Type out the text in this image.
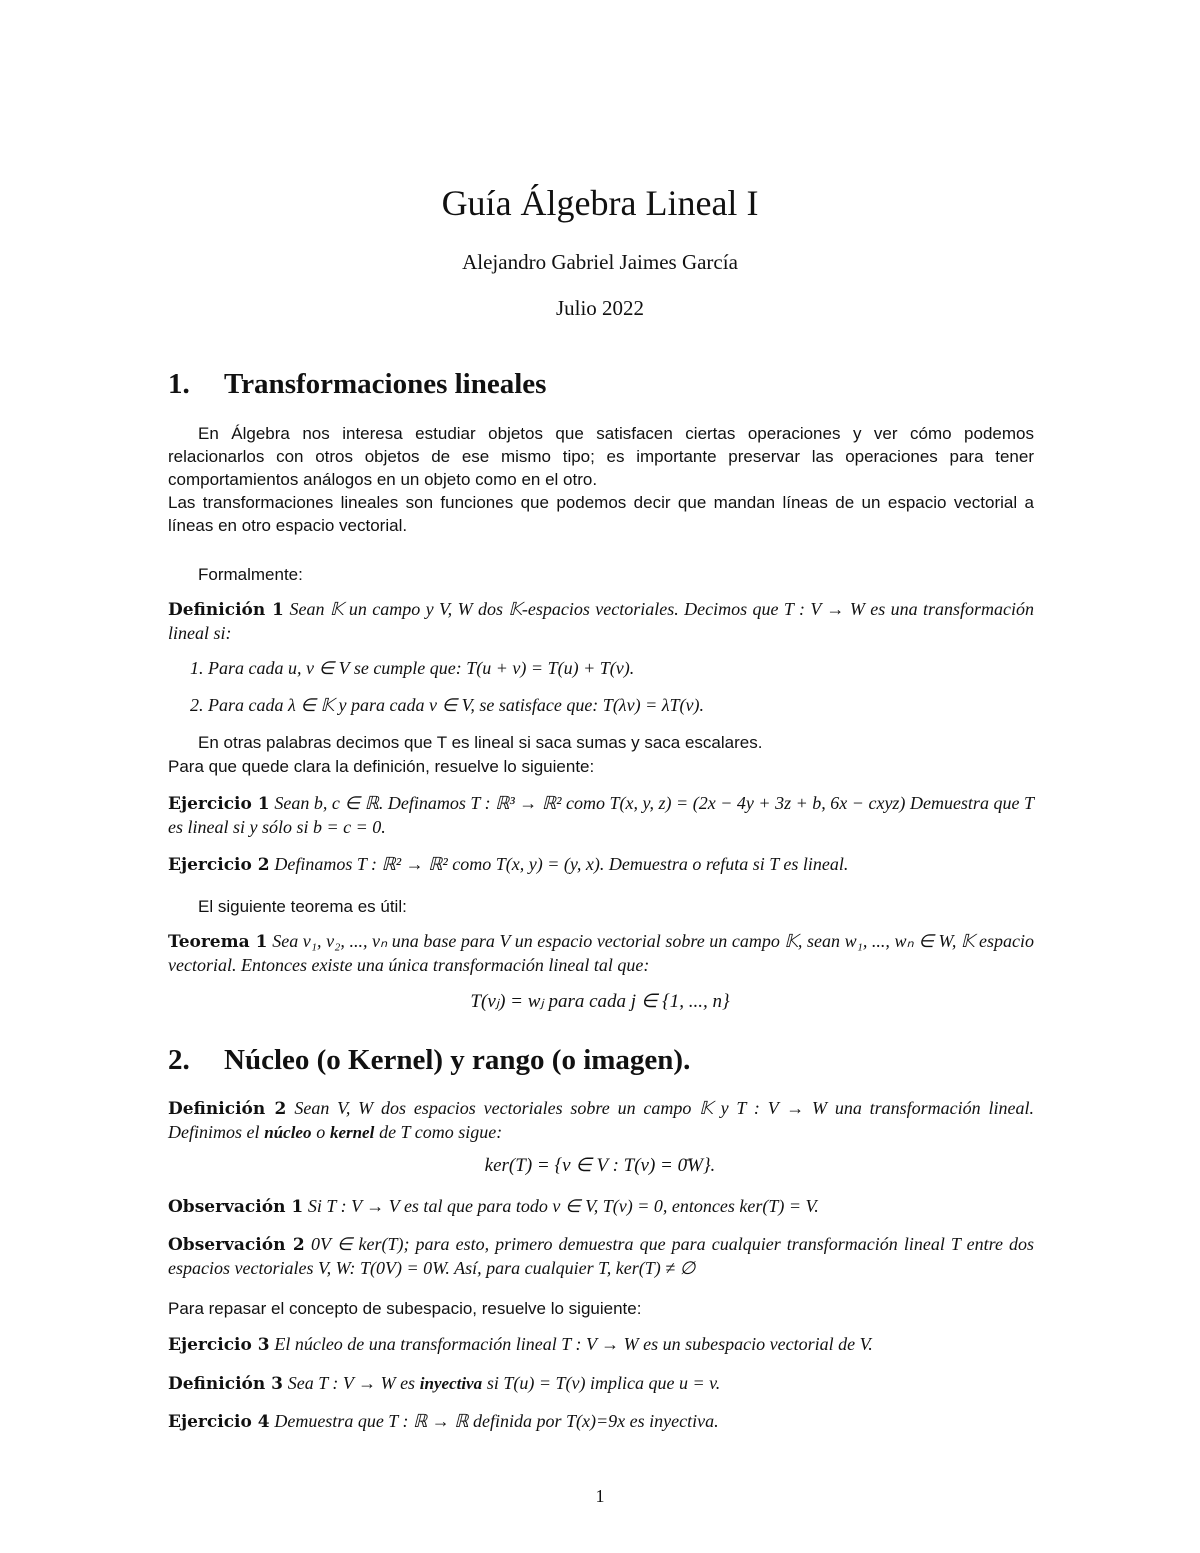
Guía Álgebra Lineal I
Alejandro Gabriel Jaimes García
Julio 2022
1. Transformaciones lineales

En Álgebra nos interesa estudiar objetos que satisfacen ciertas operaciones y ver cómo podemos relacionarlos con otros objetos de ese mismo tipo; es importante preservar las operaciones para tener comportamientos análogos en un objeto como en el otro.

Las transformaciones lineales son funciones que podemos decir que mandan líneas de un espacio vectorial a líneas en otro espacio vectorial.

Formalmente:

Definición 1 Sean 𝕂 un campo y V, W dos 𝕂-espacios vectoriales. Decimos que T : V → W es una transformación lineal si:

1. Para cada u, v ∈ V se cumple que: T(u + v) = T(u) + T(v).
2. Para cada λ ∈ 𝕂 y para cada v ∈ V, se satisface que: T(λv) = λT(v).

En otras palabras decimos que T es lineal si saca sumas y saca escalares.

Para que quede clara la definición, resuelve lo siguiente:

Ejercicio 1 Sean b, c ∈ ℝ. Definamos T : ℝ³ → ℝ² como T(x, y, z) = (2x − 4y + 3z + b, 6x − cxyz) Demuestra que T es lineal si y sólo si b = c = 0.

Ejercicio 2 Definamos T : ℝ² → ℝ² como T(x, y) = (y, x). Demuestra o refuta si T es lineal.

El siguiente teorema es útil:

Teorema 1 Sea v₁, v₂, ..., vₙ una base para V un espacio vectorial sobre un campo 𝕂, sean w₁, ..., wₙ ∈ W, 𝕂 espacio vectorial. Entonces existe una única transformación lineal tal que:

T(vⱼ) = wⱼ para cada j ∈ {1, ..., n}
2. Núcleo (o Kernel) y rango (o imagen).

Definición 2 Sean V, W dos espacios vectoriales sobre un campo 𝕂 y T : V → W una transformación lineal. Definimos el núcleo o kernel de T como sigue:

ker(T) = {v ∈ V : T(v) = 0̄W}.

Observación 1 Si T : V → V es tal que para todo v ∈ V, T(v) = 0, entonces ker(T) = V.

Observación 2 0V ∈ ker(T); para esto, primero demuestra que para cualquier transformación lineal T entre dos espacios vectoriales V, W: T(0V) = 0W. Así, para cualquier T, ker(T) ≠ ∅

Para repasar el concepto de subespacio, resuelve lo siguiente:

Ejercicio 3 El núcleo de una transformación lineal T : V → W es un subespacio vectorial de V.

Definición 3 Sea T : V → W es inyectiva si T(u) = T(v) implica que u = v.

Ejercicio 4 Demuestra que T : ℝ → ℝ definida por T(x)=9x es inyectiva.

1
